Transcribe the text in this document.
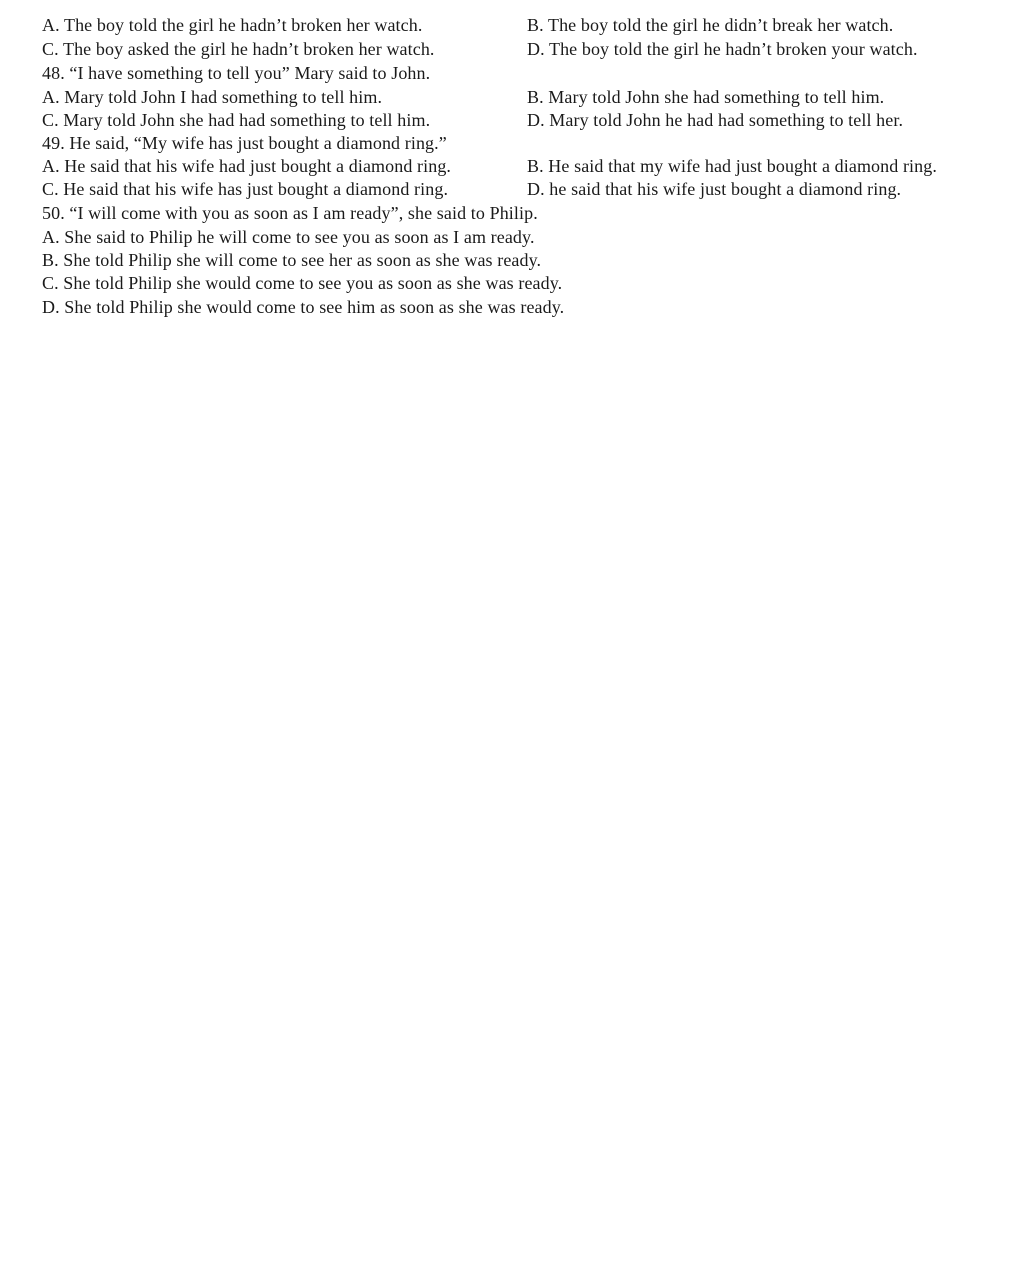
A. The boy told the girl he hadn’t broken her watch.	B. The boy told the girl he didn’t break her watch.
C. The boy asked the girl he hadn’t broken her watch.	D. The boy told the girl he hadn’t broken your watch.
48. “I have something to tell you” Mary said to John.
A. Mary told John I had something to tell him.	B. Mary told John she had something to tell him.
C. Mary told John she had had something to tell him.	D. Mary told John he had had something to tell her.
49. He said, “My wife has just bought a diamond ring.”
A. He said that his wife had just bought a diamond ring.	B. He said that my wife had just bought a diamond ring.
C. He said that his wife has just bought a diamond ring.	D. he said that his wife just bought a diamond ring.
50. “I will come with you as soon as I am ready”, she said to Philip.
A. She said to Philip he will come to see you as soon as I am ready.
B. She told Philip she will come to see her as soon as she was ready.
C. She told Philip she would come to see you as soon as she was ready.
D. She told Philip she would come to see him as soon as she was ready.
